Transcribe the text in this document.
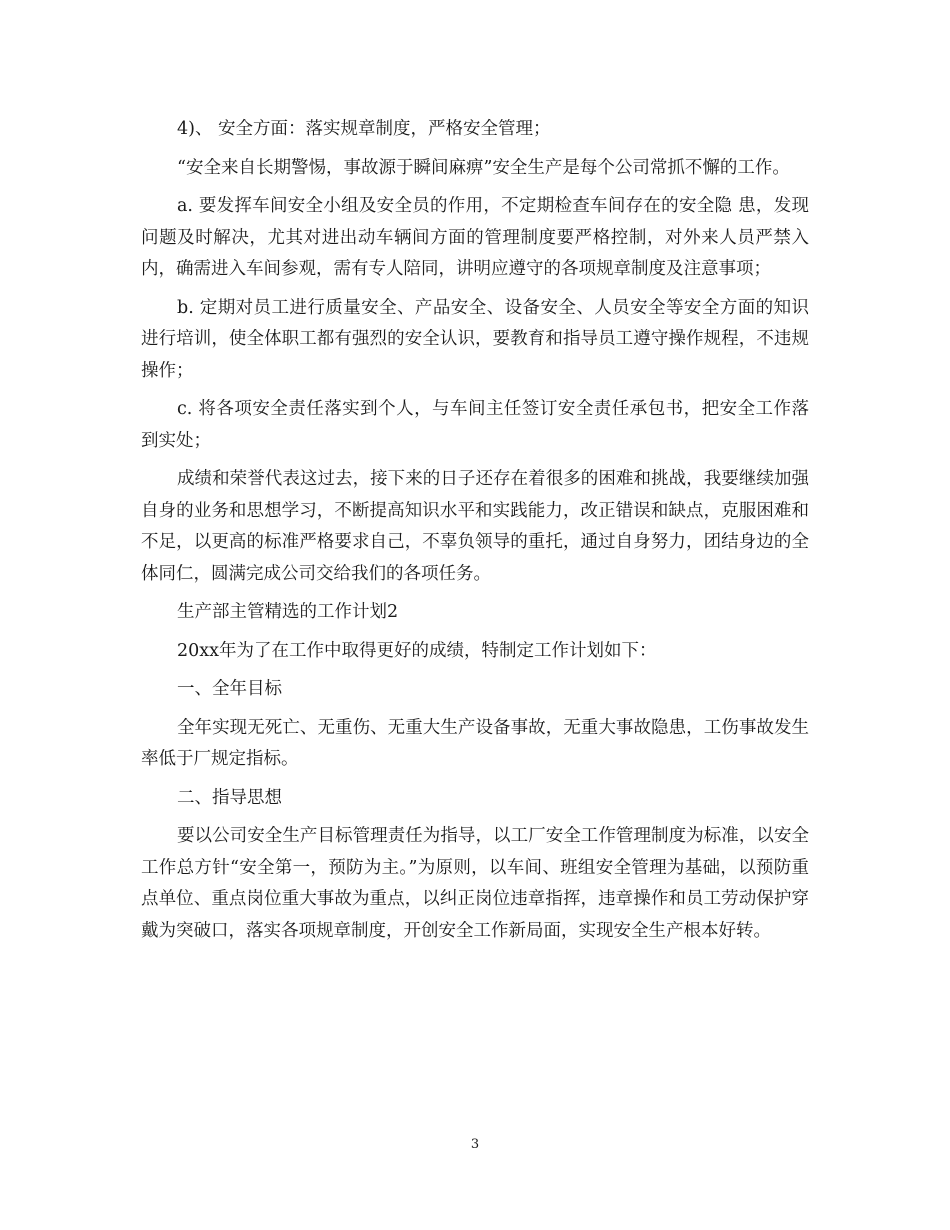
4)、 安全方面：落实规章制度，严格安全管理；

“安全来自长期警惕，事故源于瞬间麻痹”安全生产是每个公司常抓不懈的工作。

a. 要发挥车间安全小组及安全员的作用，不定期检查车间存在的安全隐 患，发现问题及时解决，尤其对进出动车辆间方面的管理制度要严格控制，对外来人员严禁入内，确需进入车间参观，需有专人陪同，讲明应遵守的各项规章制度及注意事项；

b. 定期对员工进行质量安全、产品安全、设备安全、人员安全等安全方面的知识进行培训，使全体职工都有强烈的安全认识，要教育和指导员工遵守操作规程，不违规操作；

c. 将各项安全责任落实到个人，与车间主任签订安全责任承包书，把安全工作落到实处；

成绩和荣誉代表这过去，接下来的日子还存在着很多的困难和挑战，我要继续加强自身的业务和思想学习，不断提高知识水平和实践能力，改正错误和缺点，克服困难和不足，以更高的标准严格要求自己，不辜负领导的重托，通过自身努力，团结身边的全体同仁，圆满完成公司交给我们的各项任务。

生产部主管精选的工作计划2

20xx年为了在工作中取得更好的成绩，特制定工作计划如下：

一、全年目标

全年实现无死亡、无重伤、无重大生产设备事故，无重大事故隐患，工伤事故发生率低于厂规定指标。

二、指导思想

要以公司安全生产目标管理责任为指导，以工厂安全工作管理制度为标准，以安全工作总方针“安全第一，预防为主。”为原则，以车间、班组安全管理为基础，以预防重点单位、重点岗位重大事故为重点，以纠正岗位违章指挥，违章操作和员工劳动保护穿戴为突破口，落实各项规章制度，开创安全工作新局面，实现安全生产根本好转。

3
